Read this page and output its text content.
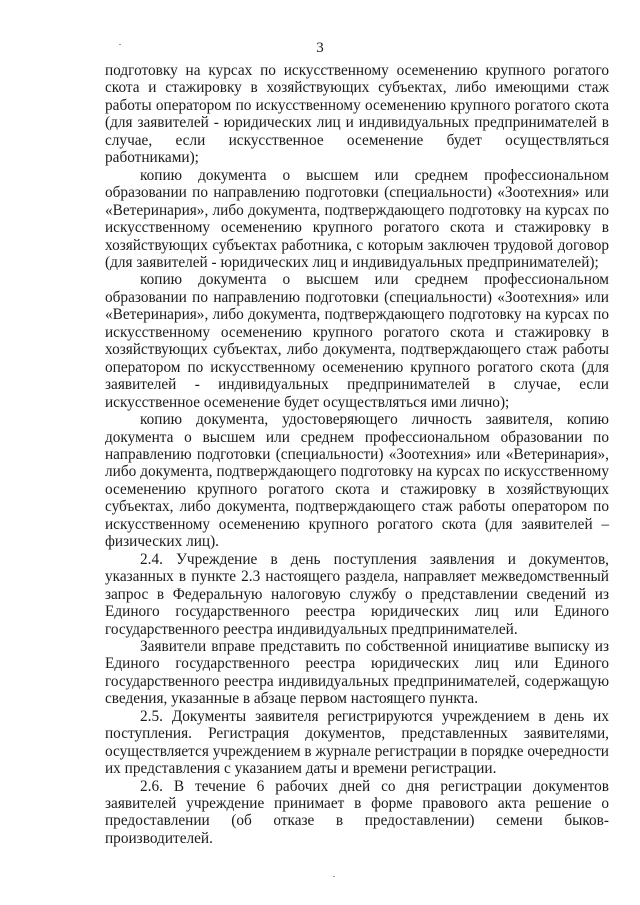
3

подготовку на курсах по искусственному осеменению крупного рогатого скота и стажировку в хозяйствующих субъектах, либо имеющими стаж работы оператором по искусственному осеменению крупного рогатого скота (для заявителей - юридических лиц и индивидуальных предпринимателей в случае, если искусственное осеменение будет осуществляться работниками);

копию документа о высшем или среднем профессиональном образовании по направлению подготовки (специальности) «Зоотехния» или «Ветеринария», либо документа, подтверждающего подготовку на курсах по искусственному осеменению крупного рогатого скота и стажировку в хозяйствующих субъектах работника, с которым заключен трудовой договор (для заявителей - юридических лиц и индивидуальных предпринимателей);

копию документа о высшем или среднем профессиональном образовании по направлению подготовки (специальности) «Зоотехния» или «Ветеринария», либо документа, подтверждающего подготовку на курсах по искусственному осеменению крупного рогатого скота и стажировку в хозяйствующих субъектах, либо документа, подтверждающего стаж работы оператором по искусственному осеменению крупного рогатого скота (для заявителей - индивидуальных предпринимателей в случае, если искусственное осеменение будет осуществляться ими лично);

копию документа, удостоверяющего личность заявителя, копию документа о высшем или среднем профессиональном образовании по направлению подготовки (специальности) «Зоотехния» или «Ветеринария», либо документа, подтверждающего подготовку на курсах по искусственному осеменению крупного рогатого скота и стажировку в хозяйствующих субъектах, либо документа, подтверждающего стаж работы оператором по искусственному осеменению крупного рогатого скота (для заявителей – физических лиц).

2.4. Учреждение в день поступления заявления и документов, указанных в пункте 2.3 настоящего раздела, направляет межведомственный запрос в Федеральную налоговую службу о представлении сведений из Единого государственного реестра юридических лиц или Единого государственного реестра индивидуальных предпринимателей.

Заявители вправе представить по собственной инициативе выписку из Единого государственного реестра юридических лиц или Единого государственного реестра индивидуальных предпринимателей, содержащую сведения, указанные в абзаце первом настоящего пункта.

2.5. Документы заявителя регистрируются учреждением в день их поступления. Регистрация документов, представленных заявителями, осуществляется учреждением в журнале регистрации в порядке очередности их представления с указанием даты и времени регистрации.

2.6. В течение 6 рабочих дней со дня регистрации документов заявителей учреждение принимает в форме правового акта решение о предоставлении (об отказе в предоставлении) семени быков-производителей.
